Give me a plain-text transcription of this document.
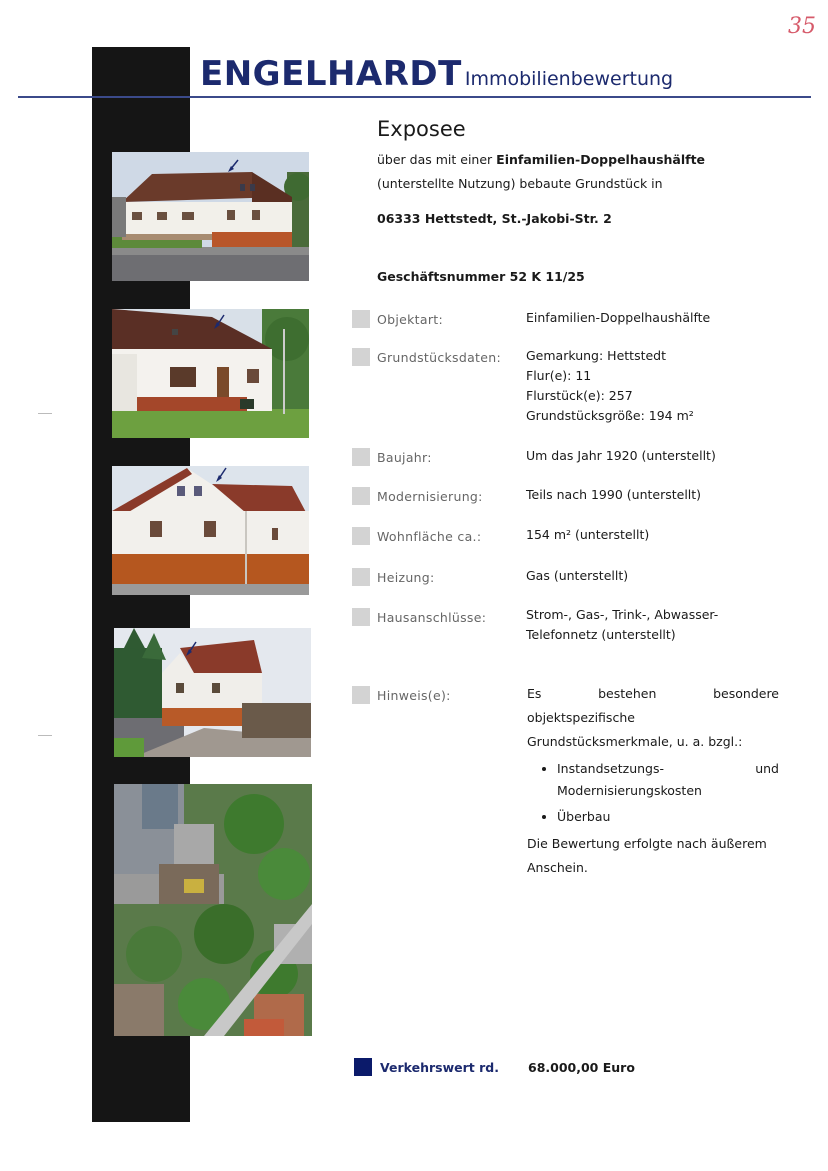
ENGELHARDT Immobilienbewertung
35
Exposee
über das mit einer Einfamilien-Doppelhaushälfte (unterstellte Nutzung) bebaute Grundstück in
06333 Hettstedt, St.-Jakobi-Str. 2
Geschäftsnummer 52 K 11/25
Objektart:	Einfamilien-Doppelhaushälfte
Grundstücksdaten: Gemarkung: Hettstedt
Flur(e): 11
Flurstück(e): 257
Grundstücksgröße: 194 m²
Baujahr:	Um das Jahr 1920 (unterstellt)
Modernisierung:	Teils nach 1990 (unterstellt)
Wohnfläche ca.:	154 m² (unterstellt)
Heizung:	Gas (unterstellt)
Hausanschlüsse:	Strom-, Gas-, Trink-, Abwasser-
Telefonnetz (unterstellt)
Hinweis(e):	Es bestehen besondere objektspezifische Grundstücksmerkmale, u. a. bzgl.:
• Instandsetzungs- und Modernisierungskosten
• Überbau
Die Bewertung erfolgte nach äußerem Anschein.
Verkehrswert rd. 68.000,00 Euro
